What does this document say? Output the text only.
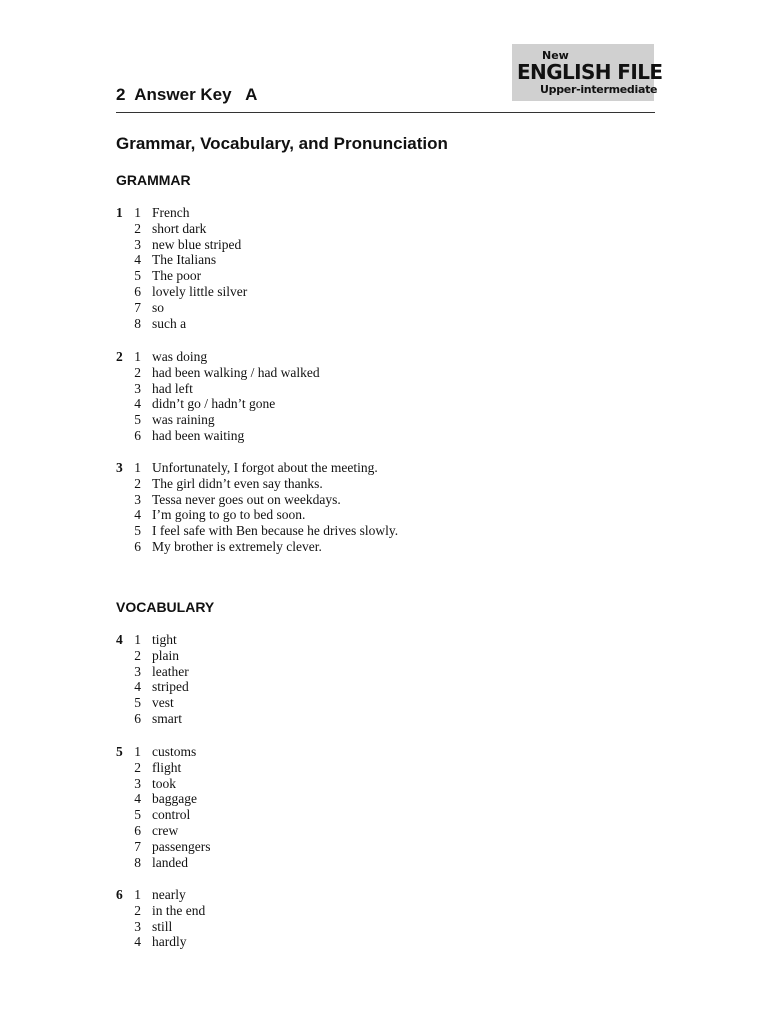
New
ENGLISH FILE
Upper-intermediate
2  Answer Key   A
Grammar, Vocabulary, and Pronunciation
GRAMMAR
1 1 French
2 short dark
3 new blue striped
4 The Italians
5 The poor
6 lovely little silver
7 so
8 such a
2 1 was doing
2 had been walking / had walked
3 had left
4 didn’t go / hadn’t gone
5 was raining
6 had been waiting
3 1 Unfortunately, I forgot about the meeting.
2 The girl didn’t even say thanks.
3 Tessa never goes out on weekdays.
4 I’m going to go to bed soon.
5 I feel safe with Ben because he drives slowly.
6 My brother is extremely clever.
VOCABULARY
4 1 tight
2 plain
3 leather
4 striped
5 vest
6 smart
5 1 customs
2 flight
3 took
4 baggage
5 control
6 crew
7 passengers
8 landed
6 1 nearly
2 in the end
3 still
4 hardly
